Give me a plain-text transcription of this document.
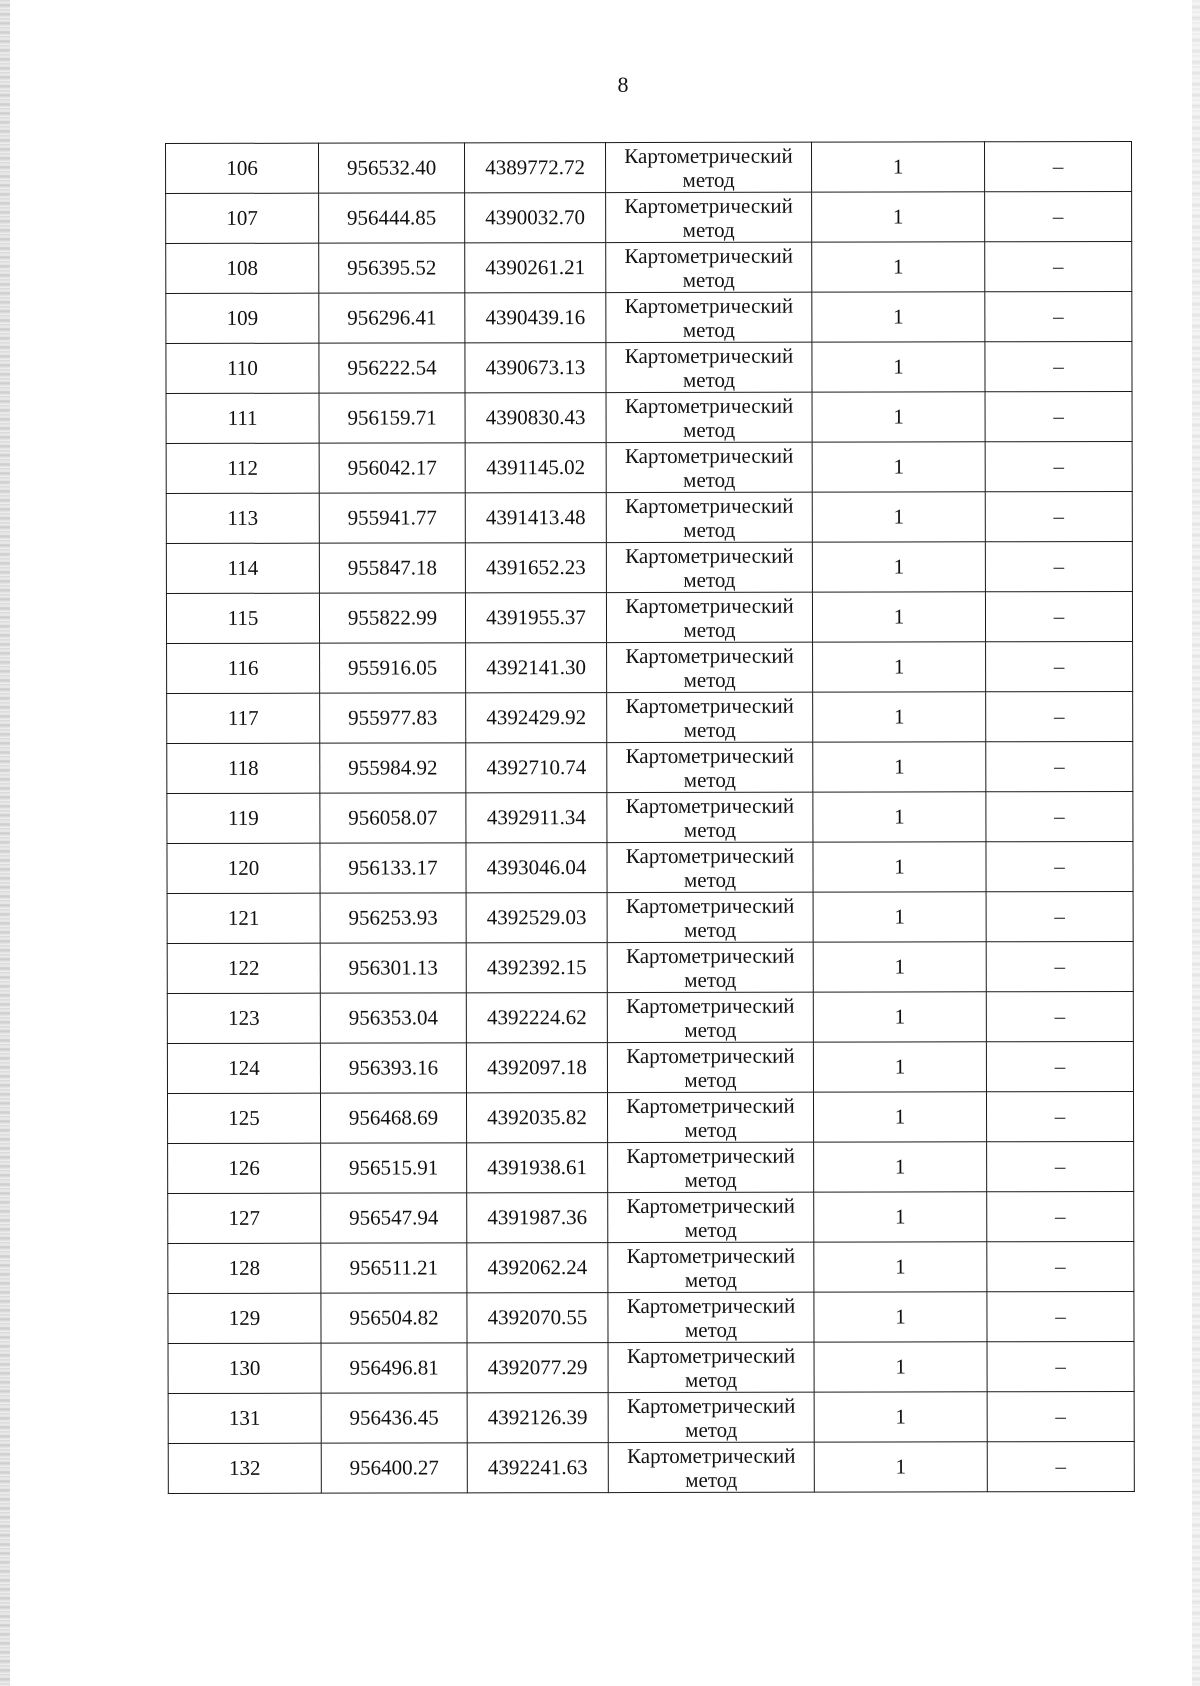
8
106	956532.40	4389772.72	Картометрический
метод	1	–
107	956444.85	4390032.70	Картометрический
метод	1	–
108	956395.52	4390261.21	Картометрический
метод	1	–
109	956296.41	4390439.16	Картометрический
метод	1	–
110	956222.54	4390673.13	Картометрический
метод	1	–
111	956159.71	4390830.43	Картометрический
метод	1	–
112	956042.17	4391145.02	Картометрический
метод	1	–
113	955941.77	4391413.48	Картометрический
метод	1	–
114	955847.18	4391652.23	Картометрический
метод	1	–
115	955822.99	4391955.37	Картометрический
метод	1	–
116	955916.05	4392141.30	Картометрический
метод	1	–
117	955977.83	4392429.92	Картометрический
метод	1	–
118	955984.92	4392710.74	Картометрический
метод	1	–
119	956058.07	4392911.34	Картометрический
метод	1	–
120	956133.17	4393046.04	Картометрический
метод	1	–
121	956253.93	4392529.03	Картометрический
метод	1	–
122	956301.13	4392392.15	Картометрический
метод	1	–
123	956353.04	4392224.62	Картометрический
метод	1	–
124	956393.16	4392097.18	Картометрический
метод	1	–
125	956468.69	4392035.82	Картометрический
метод	1	–
126	956515.91	4391938.61	Картометрический
метод	1	–
127	956547.94	4391987.36	Картометрический
метод	1	–
128	956511.21	4392062.24	Картометрический
метод	1	–
129	956504.82	4392070.55	Картометрический
метод	1	–
130	956496.81	4392077.29	Картометрический
метод	1	–
131	956436.45	4392126.39	Картометрический
метод	1	–
132	956400.27	4392241.63	Картометрический
метод	1	–
